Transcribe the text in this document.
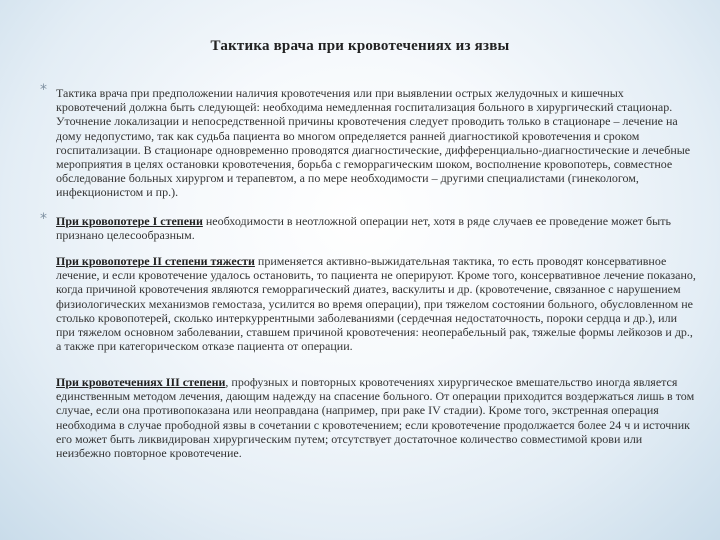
Тактика врача при кровотечениях из язвы
* Тактика врача при предположении наличия кровотечения или при выявлении острых желудочных и кишечных кровотечений должна быть следующей: необходима немедленная госпитализация больного в хирургический стационар. Уточнение локализации и непосредственной причины кровотечения следует проводить только в стационаре – лечение на дому недопустимо, так как судьба пациента во многом определяется ранней диагностикой кровотечения и сроком госпитализации. В стационаре одновременно проводятся диагностические, дифференциально-диагностические и лечебные мероприятия в целях остановки кровотечения, борьба с геморрагическим шоком, восполнение кровопотерь, совместное обследование больных хирургом и терапевтом, а по мере необходимости – другими специалистами (гинекологом, инфекционистом и пр.).
* При кровопотере I степени необходимости в неотложной операции нет, хотя в ряде случаев ее проведение может быть признано целесообразным.
При кровопотере II степени тяжести применяется активно-выжидательная тактика, то есть проводят консервативное лечение, и если кровотечение удалось остановить, то пациента не оперируют. Кроме того, консервативное лечение показано, когда причиной кровотечения являются геморрагический диатез, васкулиты и др. (кровотечение, связанное с нарушением физиологических механизмов гемостаза, усилится во время операции), при тяжелом состоянии больного, обусловленном не столько кровопотерей, сколько интеркуррентными заболеваниями (сердечная недостаточность, пороки сердца и др.), или при тяжелом основном заболевании, ставшем причиной кровотечения: неоперабельный рак, тяжелые формы лейкозов и др., а также при категорическом отказе пациента от операции.
При кровотечениях III степени, профузных и повторных кровотечениях хирургическое вмешательство иногда является единственным методом лечения, дающим надежду на спасение больного. От операции приходится воздержаться лишь в том случае, если она противопоказана или неоправдана (например, при раке IV стадии). Кроме того, экстренная операция необходима в случае прободной язвы в сочетании с кровотечением; если кровотечение продолжается более 24 ч и источник его может быть ликвидирован хирургическим путем; отсутствует достаточное количество совместимой крови или неизбежно повторное кровотечение.
